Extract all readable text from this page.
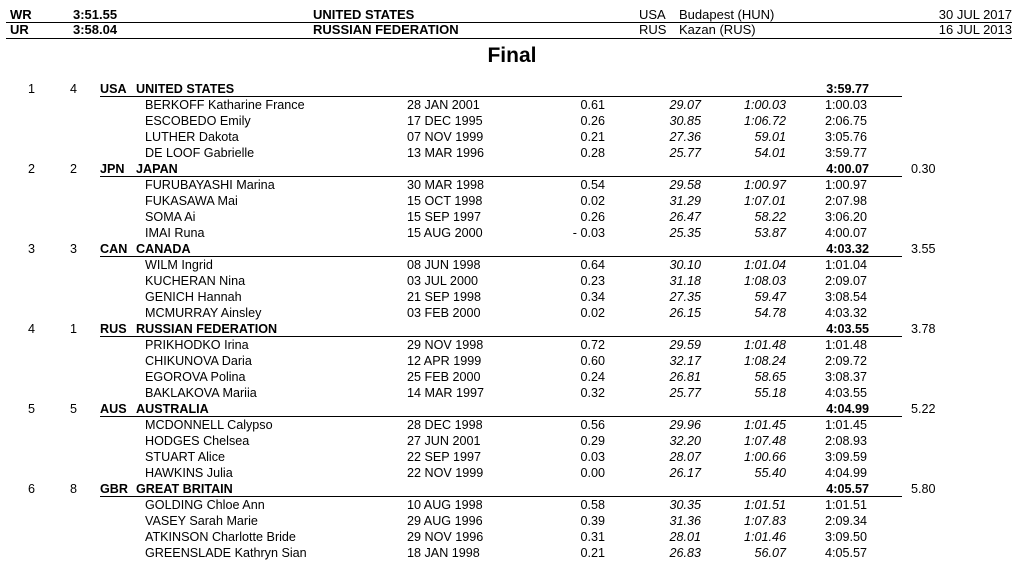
WR	3:51.55	UNITED STATES	USA Budapest (HUN)	30 JUL 2017
UR	3:58.04	RUSSIAN FEDERATION	RUS Kazan (RUS)	16 JUL 2013
Final
1	4 USA UNITED STATES	3:59.77
BERKOFF Katharine France	28 JAN 2001	0.61	29.07	1:00.03	1:00.03
ESCOBEDO Emily	17 DEC 1995	0.26	30.85	1:06.72	2:06.75
LUTHER Dakota	07 NOV 1999	0.21	27.36	59.01	3:05.76
DE LOOF Gabrielle	13 MAR 1996	0.28	25.77	54.01	3:59.77
2	2 JPN JAPAN	4:00.07	0.30
FURUBAYASHI Marina	30 MAR 1998	0.54	29.58	1:00.97	1:00.97
FUKASAWA Mai	15 OCT 1998	0.02	31.29	1:07.01	2:07.98
SOMA Ai	15 SEP 1997	0.26	26.47	58.22	3:06.20
IMAI Runa	15 AUG 2000	- 0.03	25.35	53.87	4:00.07
3	3 CAN CANADA	4:03.32	3.55
WILM Ingrid	08 JUN 1998	0.64	30.10	1:01.04	1:01.04
KUCHERAN Nina	03 JUL 2000	0.23	31.18	1:08.03	2:09.07
GENICH Hannah	21 SEP 1998	0.34	27.35	59.47	3:08.54
MCMURRAY Ainsley	03 FEB 2000	0.02	26.15	54.78	4:03.32
4	1 RUS RUSSIAN FEDERATION	4:03.55	3.78
PRIKHODKO Irina	29 NOV 1998	0.72	29.59	1:01.48	1:01.48
CHIKUNOVA Daria	12 APR 1999	0.60	32.17	1:08.24	2:09.72
EGOROVA Polina	25 FEB 2000	0.24	26.81	58.65	3:08.37
BAKLAKOVA Mariia	14 MAR 1997	0.32	25.77	55.18	4:03.55
5	5 AUS AUSTRALIA	4:04.99	5.22
MCDONNELL Calypso	28 DEC 1998	0.56	29.96	1:01.45	1:01.45
HODGES Chelsea	27 JUN 2001	0.29	32.20	1:07.48	2:08.93
STUART Alice	22 SEP 1997	0.03	28.07	1:00.66	3:09.59
HAWKINS Julia	22 NOV 1999	0.00	26.17	55.40	4:04.99
6	8 GBR GREAT BRITAIN	4:05.57	5.80
GOLDING Chloe Ann	10 AUG 1998	0.58	30.35	1:01.51	1:01.51
VASEY Sarah Marie	29 AUG 1996	0.39	31.36	1:07.83	2:09.34
ATKINSON Charlotte Bride	29 NOV 1996	0.31	28.01	1:01.46	3:09.50
GREENSLADE Kathryn Sian	18 JAN 1998	0.21	26.83	56.07	4:05.57
